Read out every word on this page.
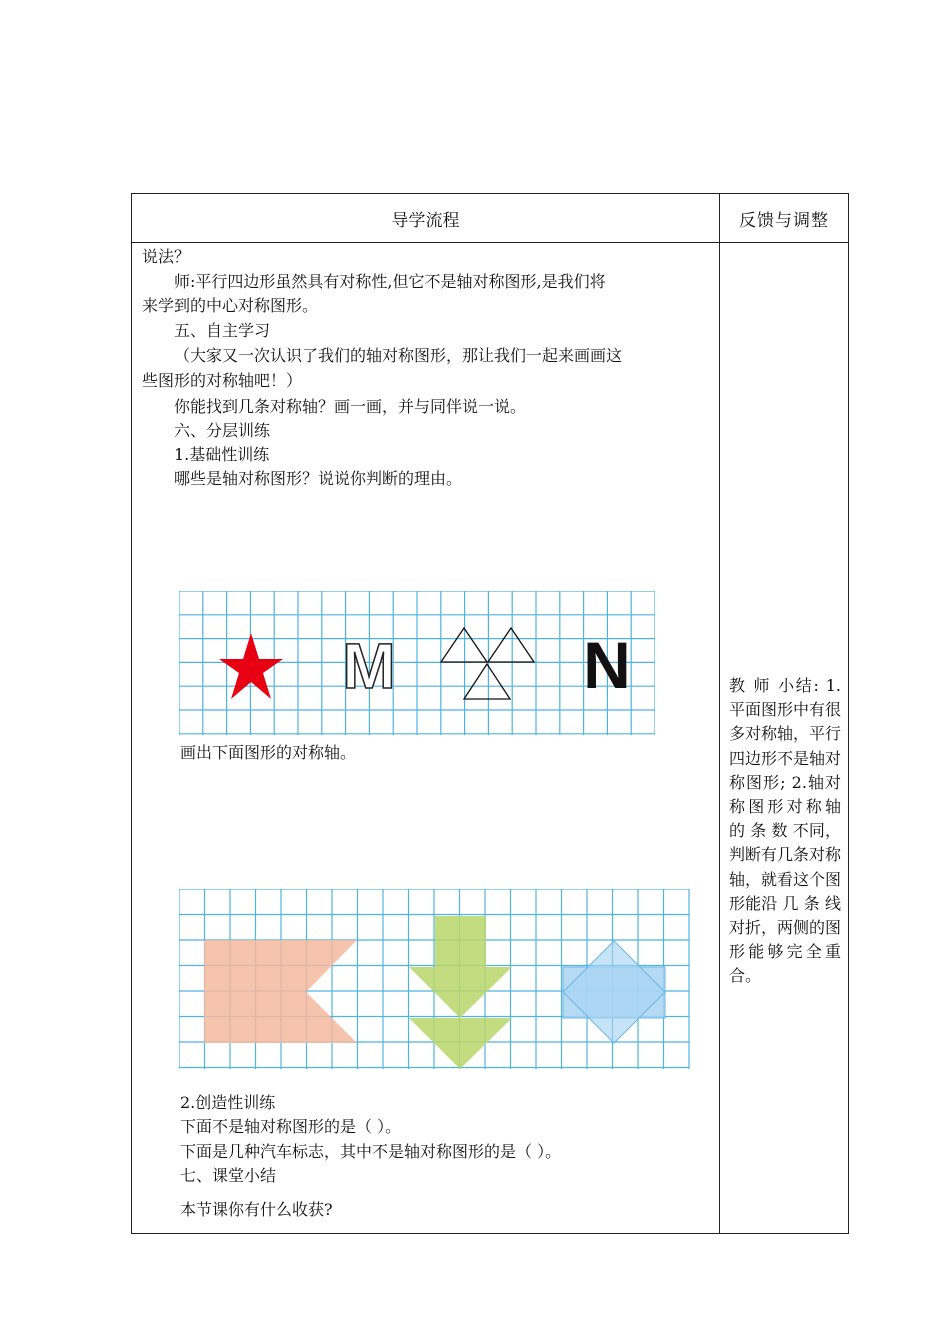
导学流程	反馈与调整
说法？
师:平行四边形虽然具有对称性,但它不是轴对称图形,是我们将
来学到的中心对称图形。
五、自主学习
（大家又一次认识了我们的轴对称图形，那让我们一起来画画这
些图形的对称轴吧！）
你能找到几条对称轴？画一画，并与同伴说一说。
六、分层训练
1.基础性训练
哪些是轴对称图形？说说你判断的理由。
画出下面图形的对称轴。
2.创造性训练
下面不是轴对称图形的是（ ）。
下面是几种汽车标志，其中不是轴对称图形的是（ ）。
七、课堂小结
本节课你有什么收获?
教 师 小结: 1.平面图形中有很多对称轴，平行四边形不是轴对称图形; 2.轴对称图形对称轴 的 条 数 不同，判断有几条对称轴，就看这个图形能沿 几 条 线 对折，两侧的图形能够完全重合。
M	N
